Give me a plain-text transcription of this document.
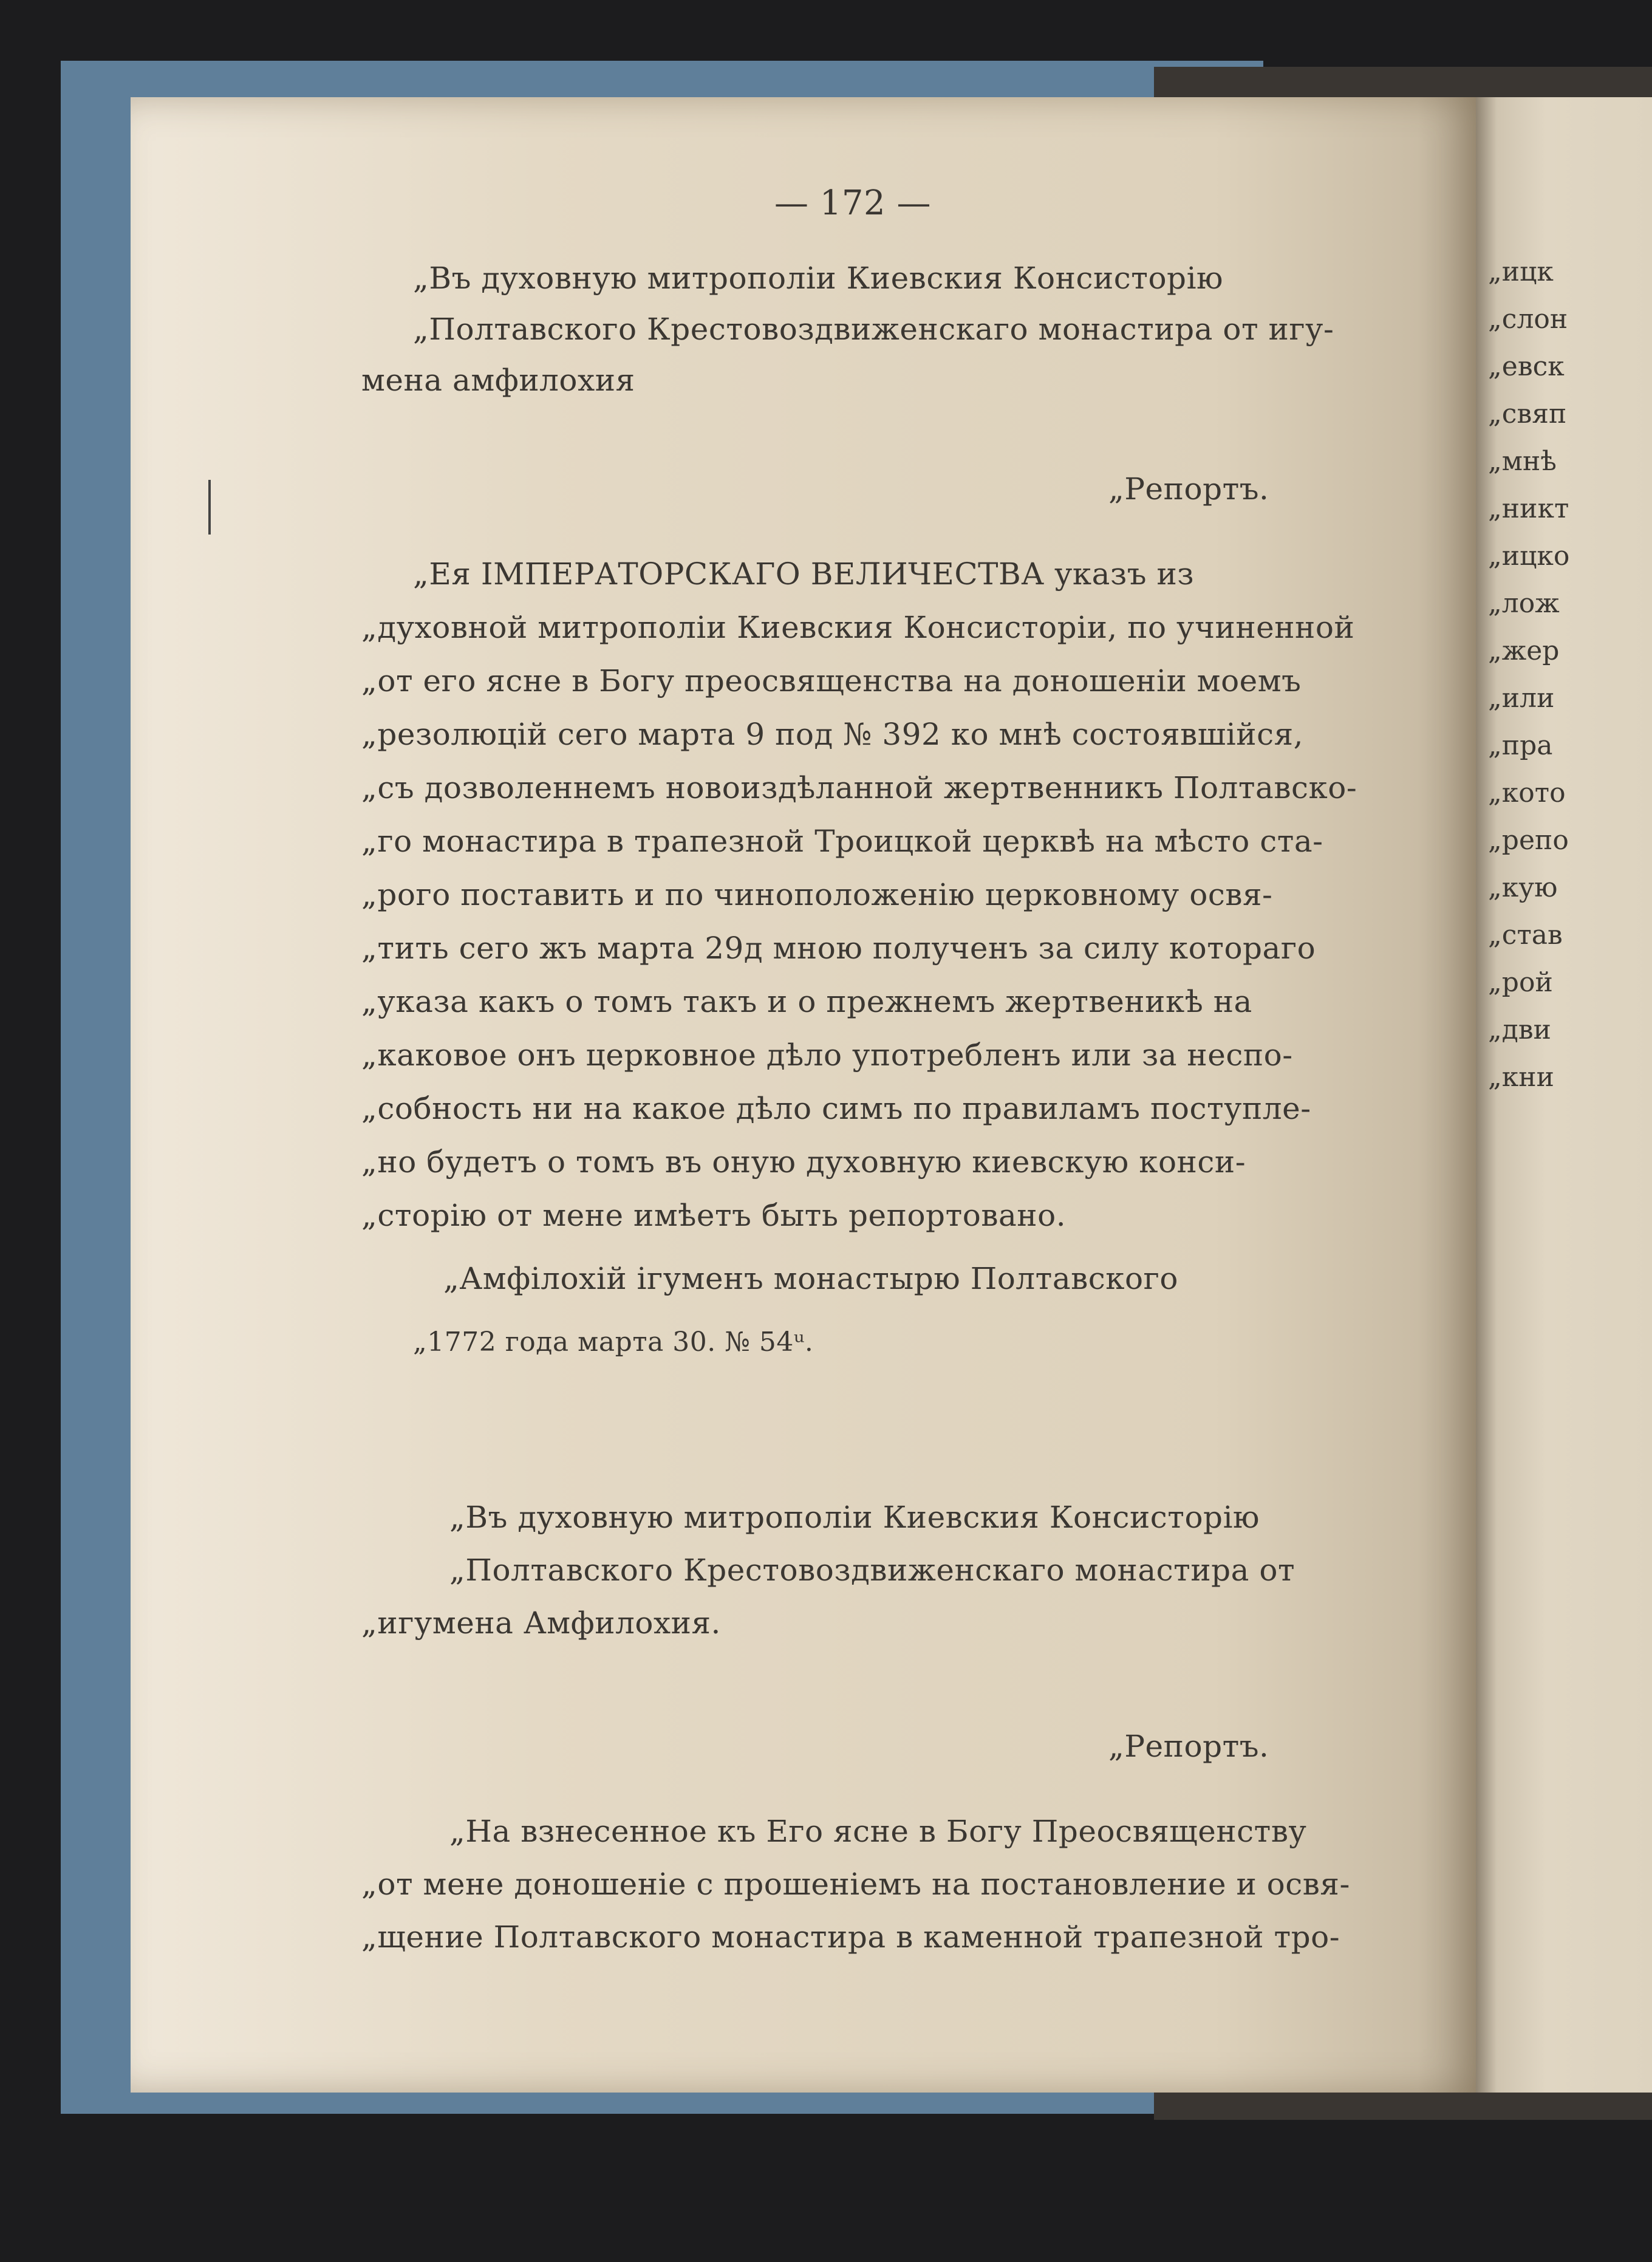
„ицк
„слон
„евск
„свяп
„мнѣ
„никт
„ицко
„лож
„жер
„или
„пра
„кото
„репо
„кую
„став
„рой
„дви
„кни
— 172 —
„Въ духовную митрополіи Киевския Консисторію
„Полтавского Крестовоздвиженскаго монастира от игу-
мена амфилохия
„Репортъ.
„Ея ІМПЕРАТОРСКАГО ВЕЛИЧЕСТВА указъ из
„духовной митрополіи Киевския Консисторіи, по учиненной
„от его ясне в Богу преосвященства на доношеніи моемъ
„резолюцій сего марта 9 под № 392 ко мнѣ состоявшійся,
„съ дозволеннемъ новоиздѣланной жертвенникъ Полтавско-
„го монастира в трапезной Троицкой церквѣ на мѣсто ста-
„рого поставить и по чиноположенію церковному освя-
„тить сего жъ марта 29д мною полученъ за силу котораго
„указа какъ о томъ такъ и о прежнемъ жертвеникѣ на
„каковое онъ церковное дѣло употребленъ или за неспо-
„собность ни на какое дѣло симъ по правиламъ поступле-
„но будетъ о томъ въ оную духовную киевскую конси-
„сторію от мене имѣетъ быть репортовано.
„Амфілохій ігуменъ монастырю Полтавского
„1772 года марта 30. № 54ᵘ.
„Въ духовную митрополіи Киевския Консисторію
„Полтавского Крестовоздвиженскаго монастира от
„игумена Амфилохия.
„Репортъ.
„На взнесенное къ Его ясне в Богу Преосвященству
„от мене доношеніе с прошеніемъ на постановление и освя-
„щение Полтавского монастира в каменной трапезной тро-
